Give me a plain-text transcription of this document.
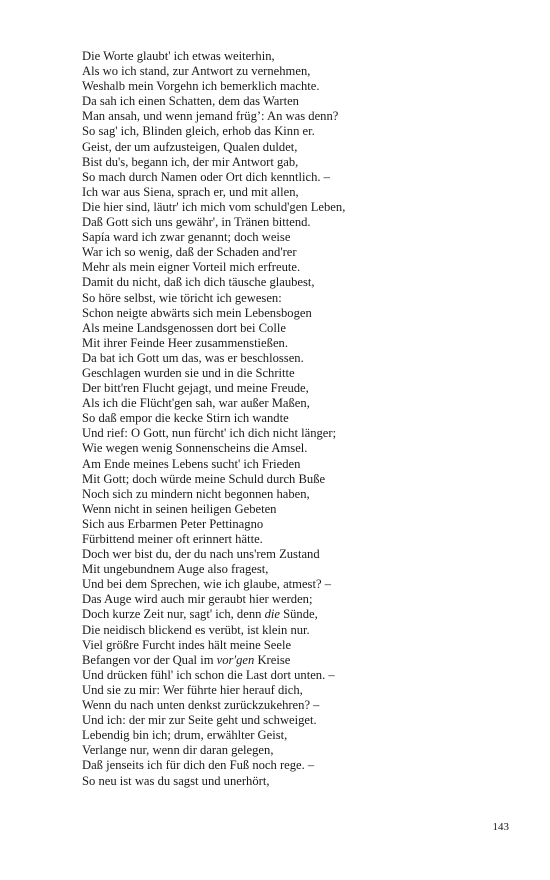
Die Worte glaubt' ich etwas weiterhin,
Als wo ich stand, zur Antwort zu vernehmen,
Weshalb mein Vorgehn ich bemerklich machte.
Da sah ich einen Schatten, dem das Warten
Man ansah, und wenn jemand frügʼ: An was denn?
So sag' ich, Blinden gleich, erhob das Kinn er.
Geist, der um aufzusteigen, Qualen duldet,
Bist du's, begann ich, der mir Antwort gab,
So mach durch Namen oder Ort dich kenntlich. –
Ich war aus Siena, sprach er, und mit allen,
Die hier sind, läutr' ich mich vom schuld'gen Leben,
Daß Gott sich uns gewähr', in Tränen bittend.
Sapía ward ich zwar genannt; doch weise
War ich so wenig, daß der Schaden and'rer
Mehr als mein eigner Vorteil mich erfreute.
Damit du nicht, daß ich dich täusche glaubest,
So höre selbst, wie töricht ich gewesen:
Schon neigte abwärts sich mein Lebensbogen
Als meine Landsgenossen dort bei Colle
Mit ihrer Feinde Heer zusammenstießen.
Da bat ich Gott um das, was er beschlossen.
Geschlagen wurden sie und in die Schritte
Der bitt'ren Flucht gejagt, und meine Freude,
Als ich die Flücht'gen sah, war außer Maßen,
So daß empor die kecke Stirn ich wandte
Und rief: O Gott, nun fürcht' ich dich nicht länger;
Wie wegen wenig Sonnenscheins die Amsel.
Am Ende meines Lebens sucht' ich Frieden
Mit Gott; doch würde meine Schuld durch Buße
Noch sich zu mindern nicht begonnen haben,
Wenn nicht in seinen heiligen Gebeten
Sich aus Erbarmen Peter Pettinagno
Fürbittend meiner oft erinnert hätte.
Doch wer bist du, der du nach uns'rem Zustand
Mit ungebundnem Auge also fragest,
Und bei dem Sprechen, wie ich glaube, atmest? –
Das Auge wird auch mir geraubt hier werden;
Doch kurze Zeit nur, sagt' ich, denn die Sünde,
Die neidisch blickend es verübt, ist klein nur.
Viel größre Furcht indes hält meine Seele
Befangen vor der Qual im vor'gen Kreise
Und drücken fühl' ich schon die Last dort unten. –
Und sie zu mir: Wer führte hier herauf dich,
Wenn du nach unten denkst zurückzukehren? –
Und ich: der mir zur Seite geht und schweiget.
Lebendig bin ich; drum, erwählter Geist,
Verlange nur, wenn dir daran gelegen,
Daß jenseits ich für dich den Fuß noch rege. –
So neu ist was du sagst und unerhört,
143
